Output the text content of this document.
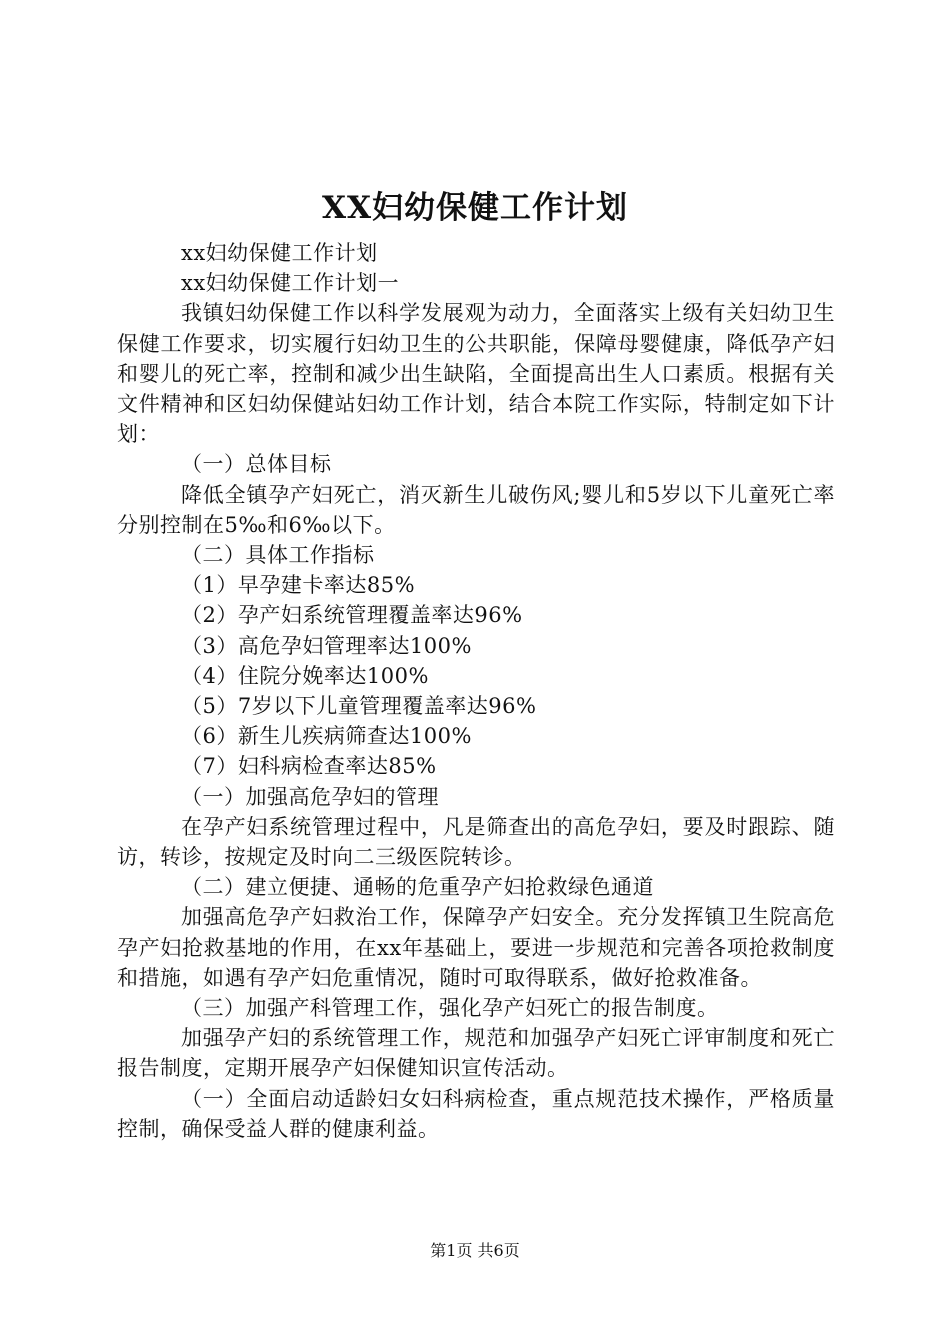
XX妇幼保健工作计划

xx妇幼保健工作计划

xx妇幼保健工作计划一

我镇妇幼保健工作以科学发展观为动力，全面落实上级有关妇幼卫生保健工作要求，切实履行妇幼卫生的公共职能，保障母婴健康，降低孕产妇和婴儿的死亡率，控制和减少出生缺陷，全面提高出生人口素质。根据有关文件精神和区妇幼保健站妇幼工作计划，结合本院工作实际，特制定如下计划：

（一）总体目标

降低全镇孕产妇死亡，消灭新生儿破伤风;婴儿和5岁以下儿童死亡率分别控制在5‰和6‰以下。

（二）具体工作指标

（1）早孕建卡率达85%

（2）孕产妇系统管理覆盖率达96%

（3）高危孕妇管理率达100%

（4）住院分娩率达100%

（5）7岁以下儿童管理覆盖率达96%

（6）新生儿疾病筛查达100%

（7）妇科病检查率达85%

（一）加强高危孕妇的管理

在孕产妇系统管理过程中，凡是筛查出的高危孕妇，要及时跟踪、随访，转诊，按规定及时向二三级医院转诊。

（二）建立便捷、通畅的危重孕产妇抢救绿色通道

加强高危孕产妇救治工作，保障孕产妇安全。充分发挥镇卫生院高危孕产妇抢救基地的作用，在xx年基础上，要进一步规范和完善各项抢救制度和措施，如遇有孕产妇危重情况，随时可取得联系，做好抢救准备。

（三）加强产科管理工作，强化孕产妇死亡的报告制度。

加强孕产妇的系统管理工作，规范和加强孕产妇死亡评审制度和死亡报告制度，定期开展孕产妇保健知识宣传活动。

（一）全面启动适龄妇女妇科病检查，重点规范技术操作，严格质量控制，确保受益人群的健康利益。

第1页 共6页
